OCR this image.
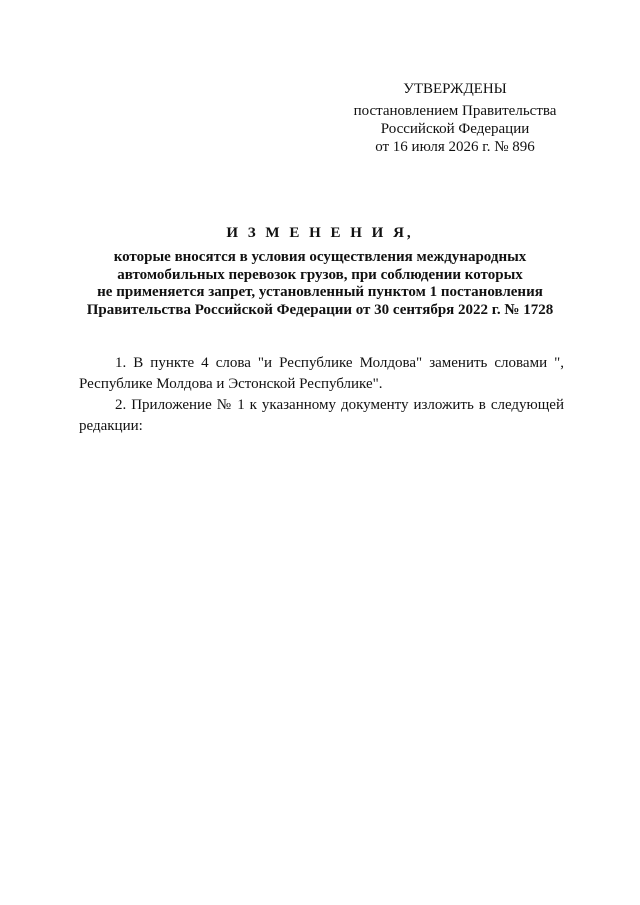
УТВЕРЖДЕНЫ
постановлением Правительства
Российской Федерации
от 16 июля 2026 г. № 896
И З М Е Н Е Н И Я,
которые вносятся в условия осуществления международных
автомобильных перевозок грузов, при соблюдении которых
не применяется запрет, установленный пунктом 1 постановления
Правительства Российской Федерации от 30 сентября 2022 г. № 1728

1. В пункте 4 слова "и Республике Молдова" заменить словами ", Республике Молдова и Эстонской Республике".

2. Приложение № 1 к указанному документу изложить в следующей редакции:
